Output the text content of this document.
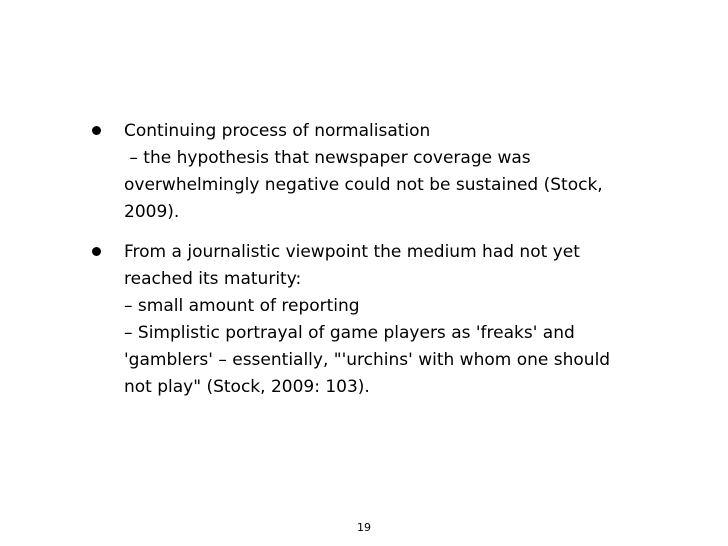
Continuing process of normalisation
– the hypothesis that newspaper coverage was
overwhelmingly negative could not be sustained (Stock,
2009).
From a journalistic viewpoint the medium had not yet
reached its maturity:
– small amount of reporting
– Simplistic portrayal of game players as 'freaks' and
'gamblers' – essentially, "'urchins' with whom one should
not play" (Stock, 2009: 103).
19
